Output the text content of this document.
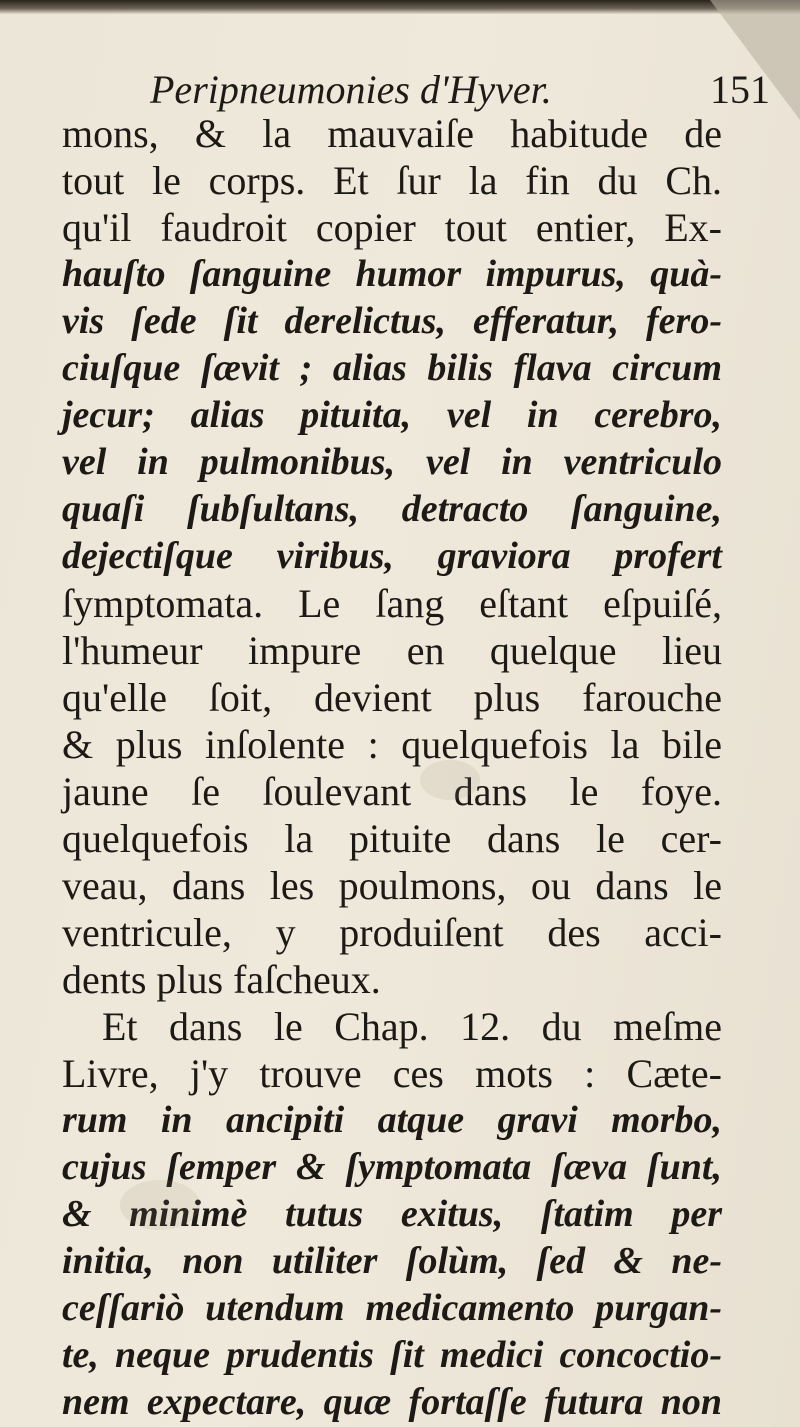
Peripneumonies d'Hyver.	151
mons, & la mauvaiſe habitude de
tout le corps. Et ſur la fin du Ch.
qu'il faudroit copier tout entier, Ex-
hauſto ſanguine humor impurus, quà-
vis ſede ſit derelictus, efferatur, fero-
ciuſque ſævit ; alias bilis flava circum
jecur; alias pituita, vel in cerebro,
vel in pulmonibus, vel in ventriculo
quaſi ſubſultans, detracto ſanguine,
dejectiſque viribus, graviora profert
ſymptomata. Le ſang eſtant eſpuiſé,
l'humeur impure en quelque lieu
qu'elle ſoit, devient plus farouche
& plus inſolente : quelquefois la bile
jaune ſe ſoulevant dans le foye.
quelquefois la pituite dans le cer-
veau, dans les poulmons, ou dans le
ventricule, y produiſent des acci-
dents plus faſcheux.
Et dans le Chap. 12. du meſme
Livre, j'y trouve ces mots : Cæte-
rum in ancipiti atque gravi morbo,
cujus ſemper & ſymptomata ſæva ſunt,
& minimè tutus exitus, ſtatim per
initia, non utiliter ſolùm, ſed & ne-
ceſſariò utendum medicamento purgan-
te, neque prudentis ſit medici concoctio-
nem expectare, quæ fortaſſe futura non
